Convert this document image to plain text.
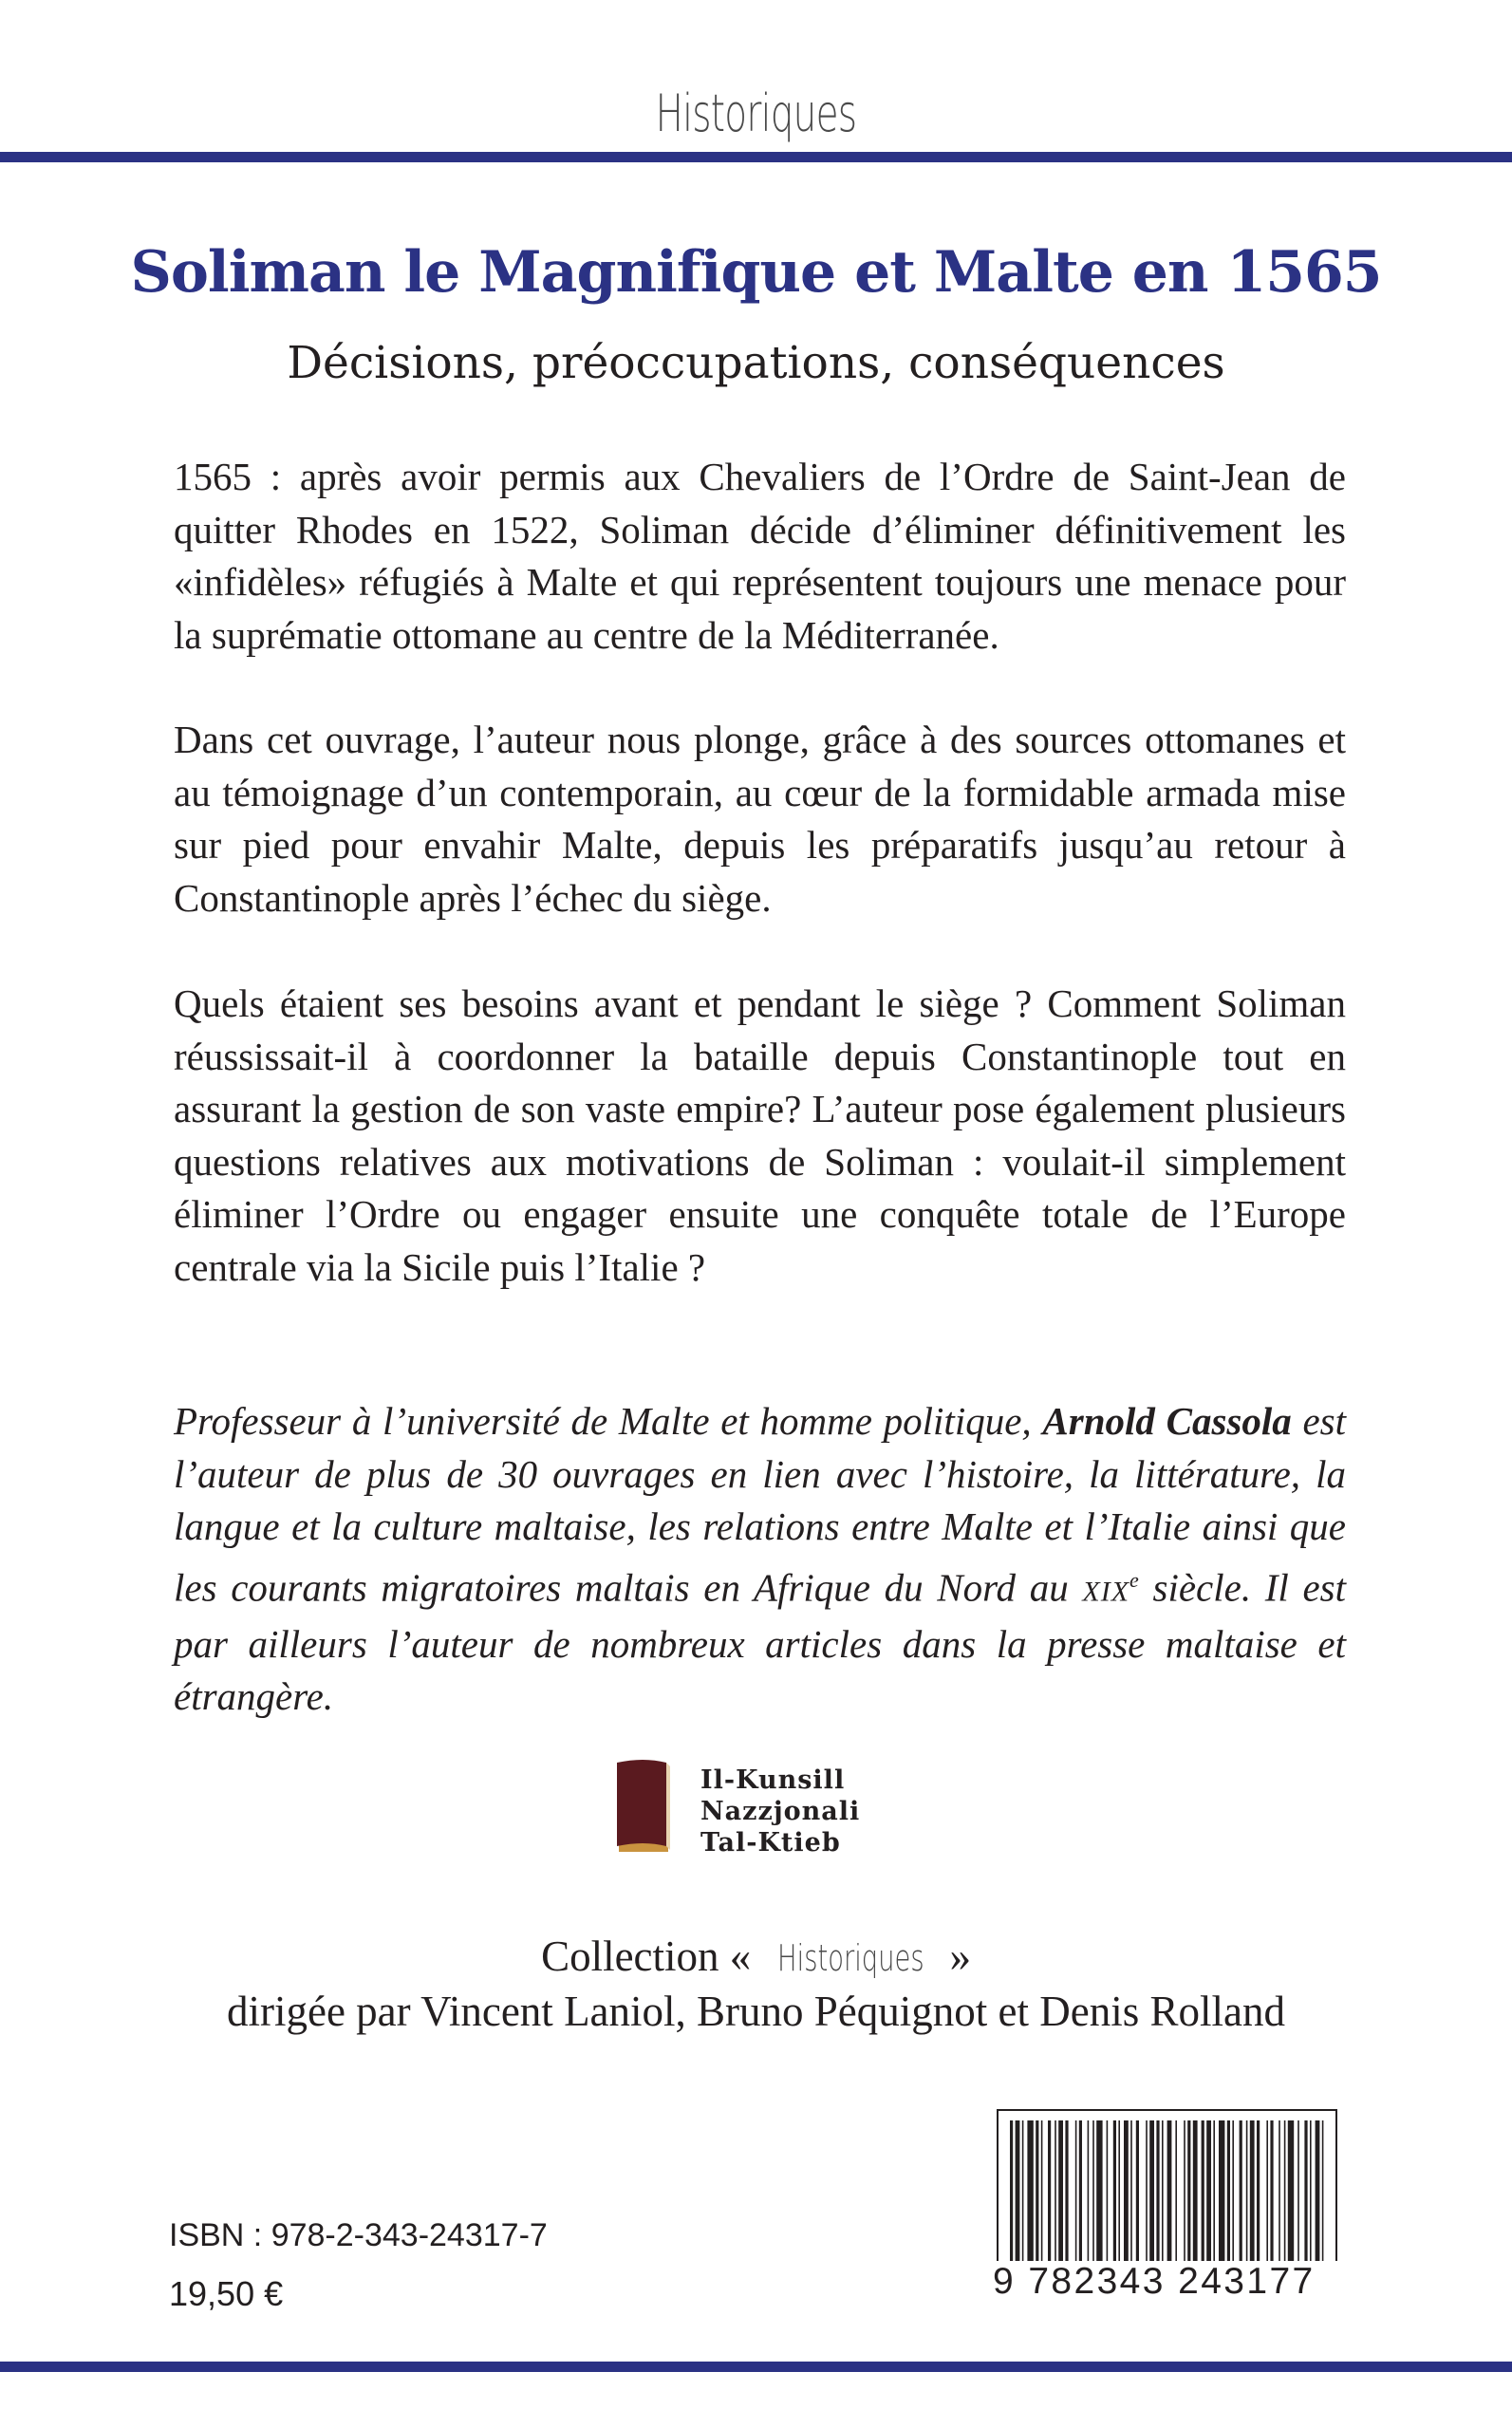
Historiques
Soliman le Magnifique et Malte en 1565
Décisions, préoccupations, conséquences
1565 : après avoir permis aux Chevaliers de l’Ordre de Saint-Jean de quitter Rhodes en 1522, Soliman décide d’éliminer définitivement les «infidèles» réfugiés à Malte et qui représentent toujours une menace pour la suprématie ottomane au centre de la Méditerranée.
Dans cet ouvrage, l’auteur nous plonge, grâce à des sources ottomanes et au témoignage d’un contemporain, au cœur de la formidable armada mise sur pied pour envahir Malte, depuis les préparatifs jusqu’au retour à Constantinople après l’échec du siège.
Quels étaient ses besoins avant et pendant le siège ? Comment Soliman réussissait-il à coordonner la bataille depuis Constantinople tout en assurant la gestion de son vaste empire? L’auteur pose également plusieurs questions relatives aux motivations de Soliman : voulait-il simplement éliminer l’Ordre ou engager ensuite une conquête totale de l’Europe centrale via la Sicile puis l’Italie ?
Professeur à l’université de Malte et homme politique, Arnold Cassola est l’auteur de plus de 30 ouvrages en lien avec l’histoire, la littérature, la langue et la culture maltaise, les relations entre Malte et l’Italie ainsi que les courants migratoires maltais en Afrique du Nord au XIXe siècle. Il est par ailleurs l’auteur de nombreux articles dans la presse maltaise et étrangère.
Il-Kunsill
Nazzjonali
Tal-Ktieb
Collection « Historiques »
dirigée par Vincent Laniol, Bruno Péquignot et Denis Rolland
ISBN : 978-2-343-24317-7
19,50 €	9 782343 243177
